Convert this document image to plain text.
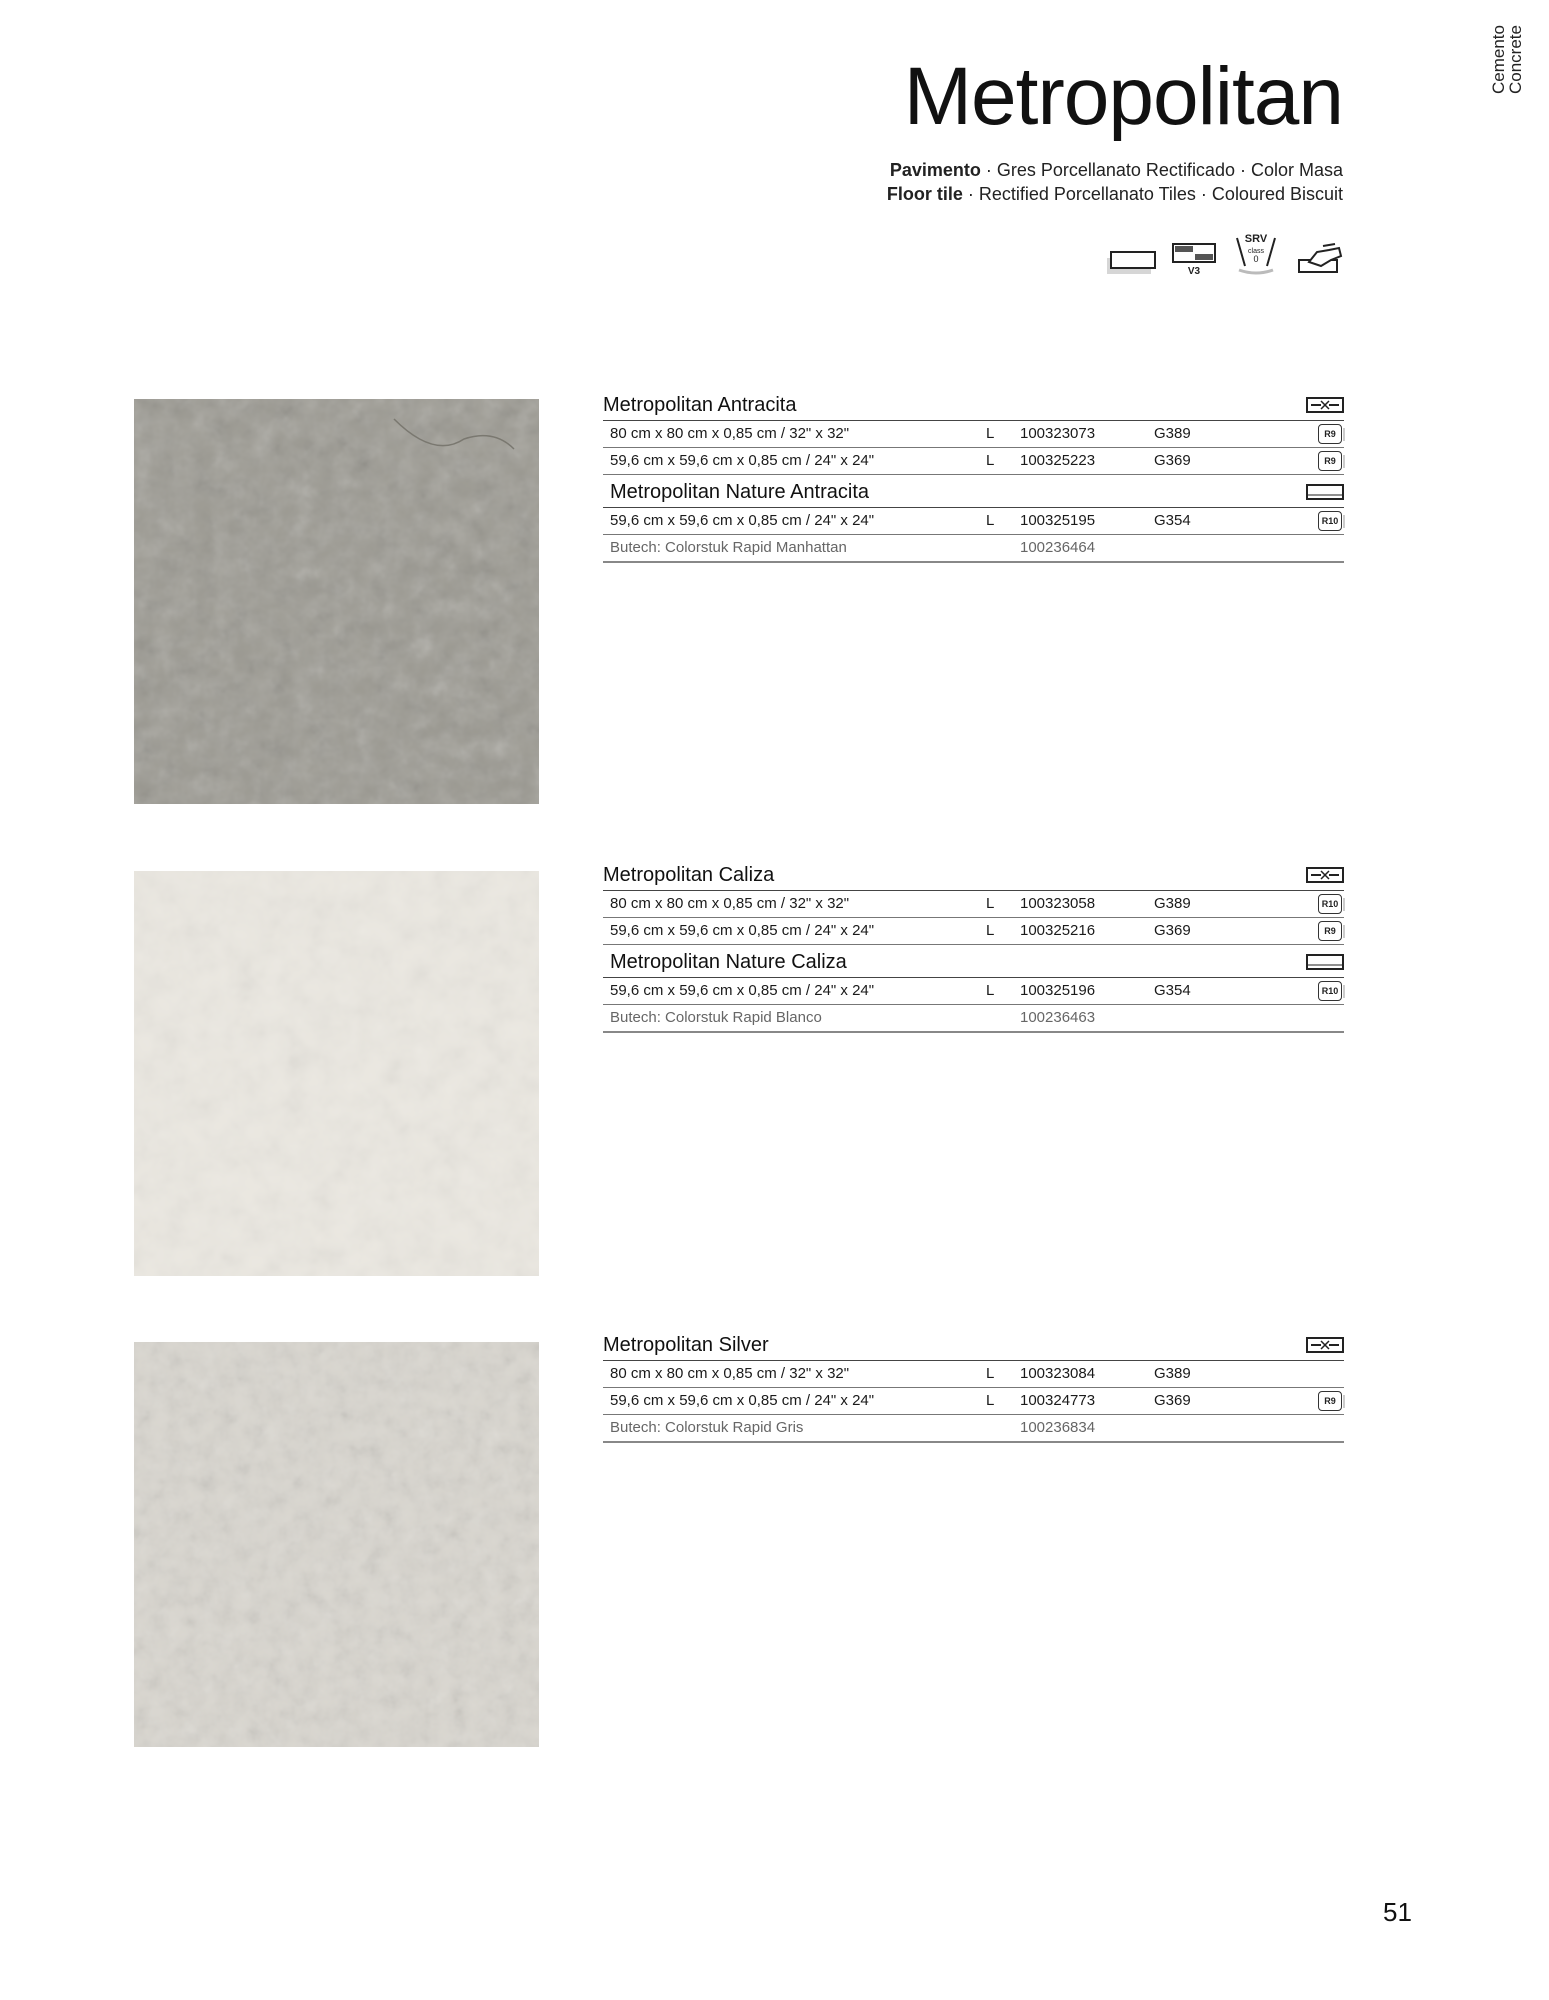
Cemento
Concrete
Metropolitan
Pavimento · Gres Porcellanato Rectificado · Color Masa
Floor tile · Rectified Porcellanato Tiles · Coloured Biscuit
V3
SRV
class
0
Metropolitan Antracita
80 cm x 80 cm x 0,85 cm / 32" x 32"	L 100323073	G389	R9
59,6 cm x 59,6 cm x 0,85 cm / 24" x 24"	L 100325223	G369	R9
Metropolitan Nature Antracita
59,6 cm x 59,6 cm x 0,85 cm / 24" x 24"	L 100325195	G354	R10
Butech: Colorstuk Rapid Manhattan	100236464
Metropolitan Caliza
80 cm x 80 cm x 0,85 cm / 32" x 32"	L 100323058	G389	R10
59,6 cm x 59,6 cm x 0,85 cm / 24" x 24"	L 100325216	G369	R9
Metropolitan Nature Caliza
59,6 cm x 59,6 cm x 0,85 cm / 24" x 24"	L 100325196	G354	R10
Butech: Colorstuk Rapid Blanco	100236463
Metropolitan Silver
80 cm x 80 cm x 0,85 cm / 32" x 32"	L 100323084	G389
59,6 cm x 59,6 cm x 0,85 cm / 24" x 24"	L 100324773	G369	R9
Butech: Colorstuk Rapid Gris	100236834
51
